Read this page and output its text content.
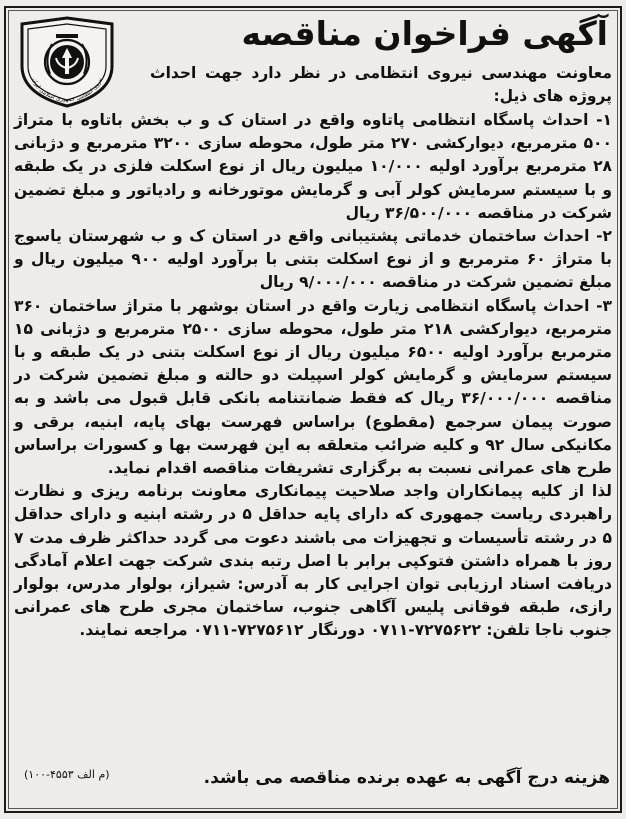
نیروی انتظامی جمهوری اسلامی ایران
آگهی فراخوان مناقصه

معاونت مهندسی نیروی انتظامی در نظر دارد جهت احداث پروژه های ذیل:

۱- احداث پاسگاه انتظامی پاتاوه واقع در استان ک و ب بخش باتاوه با متراژ ۵۰۰ مترمربع، دیوارکشی ۲۷۰ متر طول، محوطه سازی ۳۲۰۰ مترمربع و دژبانی ۲۸ مترمربع برآورد اولیه ۱۰/۰۰۰ میلیون ریال از نوع اسکلت فلزی در یک طبقه و با سیستم سرمایش کولر آبی و گرمایش موتورخانه و رادیاتور و مبلغ تضمین شرکت در مناقصه ۳۶/۵۰۰/۰۰۰ ریال

۲- احداث ساختمان خدماتی پشتیبانی واقع در استان ک و ب شهرستان یاسوج با متراژ ۶۰ مترمربع و از نوع اسکلت بتنی با برآورد اولیه ۹۰۰ میلیون ریال و مبلغ تضمین شرکت در مناقصه ۹/۰۰۰/۰۰۰ ریال

۳- احداث پاسگاه انتظامی زیارت واقع در استان بوشهر با متراژ ساختمان ۳۶۰ مترمربع، دیوارکشی ۲۱۸ متر طول، محوطه سازی ۲۵۰۰ مترمربع و دژبانی ۱۵ مترمربع برآورد اولیه ۶۵۰۰ میلیون ریال از نوع اسکلت بتنی در یک طبقه و با سیستم سرمایش و گرمایش کولر اسپیلت دو حالته و مبلغ تضمین شرکت در مناقصه ۳۶/۰۰۰/۰۰۰ ریال که فقط ضمانتنامه بانکی قابل قبول می باشد و به صورت پیمان سرجمع (مقطوع) براساس فهرست بهای پایه، ابنیه، برقی و مکانیکی سال ۹۲ و کلیه ضرائب متعلقه به این فهرست بها و کسورات براساس طرح های عمرانی نسبت به برگزاری تشریفات مناقصه اقدام نماید.

لذا از کلیه پیمانکاران واجد صلاحیت پیمانکاری معاونت برنامه ریزی و نظارت راهبردی ریاست جمهوری که دارای پایه حداقل ۵ در رشته ابنیه و دارای حداقل ۵ در رشته تأسیسات و تجهیزات می باشند دعوت می گردد حداکثر ظرف مدت ۷ روز با همراه داشتن فتوکپی برابر با اصل رتبه بندی شرکت جهت اعلام آمادگی دریافت اسناد ارزیابی توان اجرایی کار به آدرس: شیراز، بولوار مدرس، بولوار رازی، طبقه فوقانی پلیس آگاهی جنوب، ساختمان مجری طرح های عمرانی جنوب ناجا تلفن: ۷۲۷۵۶۲۲-۰۷۱۱ دورنگار ۷۲۷۵۶۱۲-۰۷۱۱ مراجعه نمایند.

هزینه درج آگهی به عهده برنده مناقصه می باشد.
(م الف ۴۵۵۳-۱۰۰)
